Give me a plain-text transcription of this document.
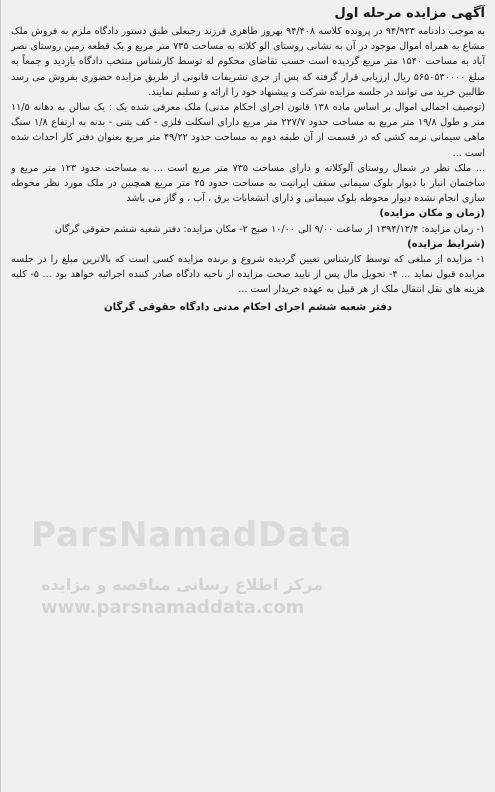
آگهی مزایده مرحله اول

به موجب دادنامه ۹۴/۹۲۳ در پرونده کلاسه ۹۴/۴۰۸ بهروز طاهری فرزند رجبعلی طبق دستور دادگاه ملزم به فروش ملک مشاع به همراه اموال موجود در آن به نشانی روستای الو کلاته به مساحت ۷۳۵ متر مربع و یک قطعه زمین روستای نصر آباد به مساحت ۱۵۴۰ متر مربع گردیده است حسب تقاضای محکوم له توسط کارشناس منتخب دادگاه بازدید و جمعاً به مبلغ ۵۶۵۰۵۳۰۰۰۰ ریال ارزیابی قرار گرفته که پس از جری تشریفات قانونی از طریق مزایده حضوری بفروش می رسد طالبین خرید می توانند در جلسه مزایده شرکت و پیشنهاد خود را ارائه و تسلیم نمایند.

(توصیف اجمالی اموال بر اساس ماده ۱۳۸ قانون اجرای احکام مدنی) ملک معرفی شده یک : یک سالن به دهانه ۱۱/۵ متر و طول ۱۹/۸ متر مربع به مساحت حدود ۲۲۷/۷ متر مربع دارای اسکلت فلزی - کف بتنی - بدنه به ارتفاع ۱/۸ سنگ ماهی سیمانی نرمه کشی که در قسمت از آن طبقه دوم به مساحت حدود ۴۹/۲۲ متر مربع بعنوان دفتر کار احداث شده است ...

... ملک نظر در شمال روستای آلوکلاته و دارای مساحت ۷۳۵ متر مربع است ... به مساحت حدود ۱۲۳ متر مربع و ساختمان انبار با دیوار بلوک سیمانی سقف ایرانیت به مساحت حدود ۲۵ متر مربع همچنین در ملک مورد نظر محوطه سازی انجام نشده دیوار محوطه بلوک سیمانی و دارای انشعابات برق ، آب ، و گاز می باشد

(زمان و مکان مزایده)

۱- زمان مزایده: ۱۳۹۴/۱۲/۴ از ساعت ۹/۰۰ الی ۱۰/۰۰ صبح ۲- مکان مزایده: دفتر شعبه ششم حقوقی گرگان

(شرایط مزایده)

۱- مزایده از مبلغی که توسط کارشناس تعیین گردیده شروع و برنده مزایده کسی است که بالاترین مبلغ را در جلسه مزایده قبول نماید ... ۴- تحویل مال پس از تایید صحت مزایده از ناحیه دادگاه صادر کننده اجرائیه خواهد بود ... ۵- کلیه هزینه های نقل انتقال ملک از هر قبیل به عهده خریدار است ...

دفتر شعبه ششم اجرای احکام مدنی دادگاه حقوقی گرگان
ParsNamadData
مرکز اطلاع رسانی مناقصه و مزایده
www.parsnamaddata.com
